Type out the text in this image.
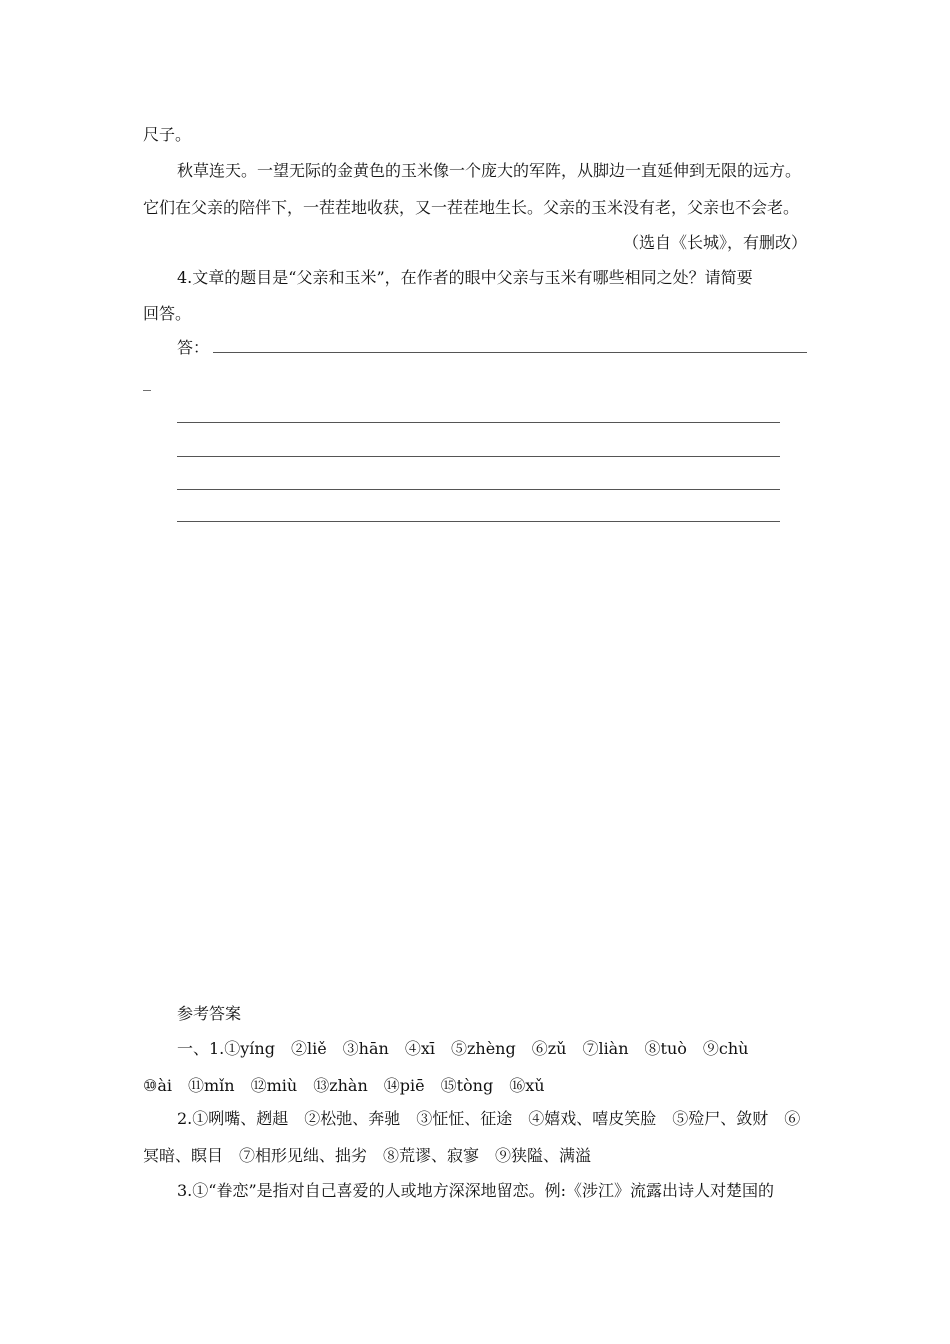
尺子。
秋草连天。一望无际的金黄色的玉米像一个庞大的军阵，从脚边一直延伸到无限的远方。
它们在父亲的陪伴下，一茬茬地收获，又一茬茬地生长。父亲的玉米没有老，父亲也不会老。
（选自《长城》，有删改）
4.文章的题目是“父亲和玉米”，在作者的眼中父亲与玉米有哪些相同之处？请简要
回答。
答：
_
参考答案
一、1.①yíng　②liě　③hān　④xī　⑤zhèng　⑥zǔ　⑦liàn　⑧tuò　⑨chù
⑩ài　⑪mǐn　⑫miù　⑬zhàn　⑭piē　⑮tòng　⑯xǔ
2.①咧嘴、趔趄　②松弛、奔驰　③怔怔、征途　④嬉戏、嘻皮笑脸　⑤殓尸、敛财　⑥
冥暗、瞑目　⑦相形见绌、拙劣　⑧荒谬、寂寥　⑨狭隘、满溢
3.①“眷恋”是指对自己喜爱的人或地方深深地留恋。例:《涉江》流露出诗人对楚国的
